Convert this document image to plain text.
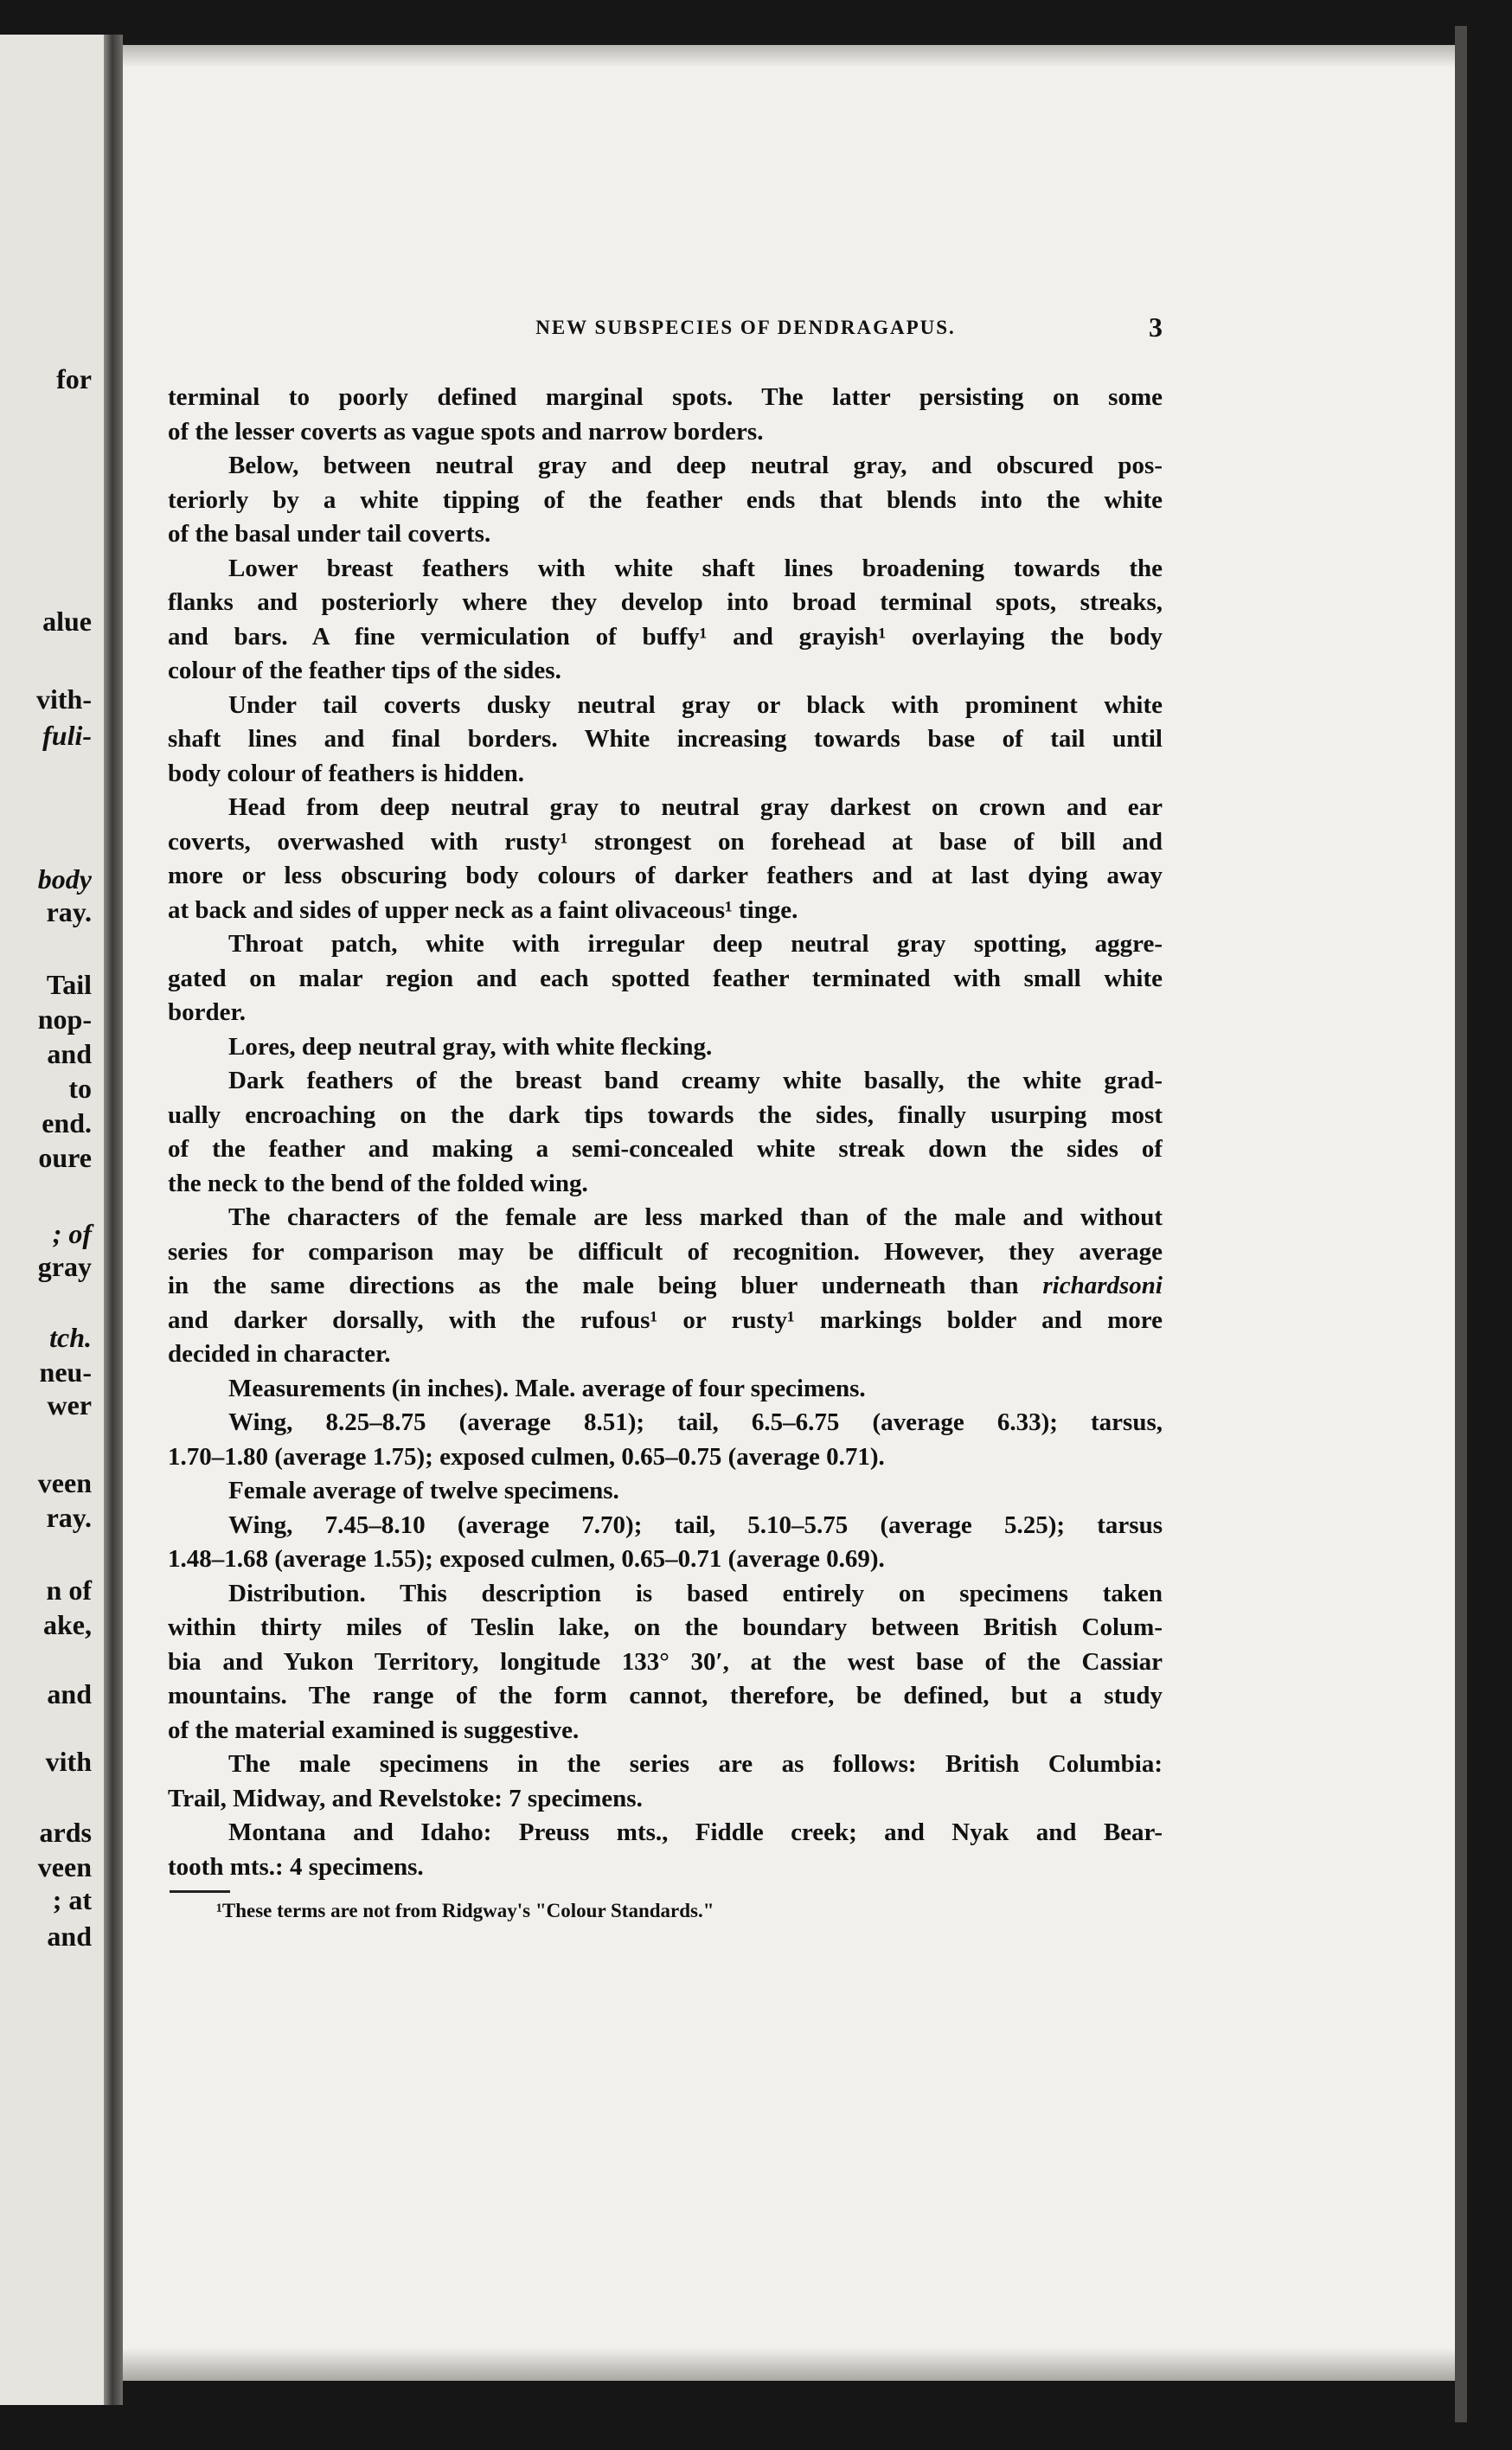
for
alue
vith-
fuli-
body
ray.
Tail
nop-
and
to
end.
oure
; of
gray
tch.
neu-
wer
veen
ray.
n of
ake,
and
vith
ards
veen
; at
and
NEW SUBSPECIES OF DENDRAGAPUS.	3
terminal to poorly defined marginal spots. The latter persisting on some
of the lesser coverts as vague spots and narrow borders.
Below, between neutral gray and deep neutral gray, and obscured pos-
teriorly by a white tipping of the feather ends that blends into the white
of the basal under tail coverts.
Lower breast feathers with white shaft lines broadening towards the
flanks and posteriorly where they develop into broad terminal spots, streaks,
and bars. A fine vermiculation of buffy¹ and grayish¹ overlaying the body
colour of the feather tips of the sides.
Under tail coverts dusky neutral gray or black with prominent white
shaft lines and final borders. White increasing towards base of tail until
body colour of feathers is hidden.
Head from deep neutral gray to neutral gray darkest on crown and ear
coverts, overwashed with rusty¹ strongest on forehead at base of bill and
more or less obscuring body colours of darker feathers and at last dying away
at back and sides of upper neck as a faint olivaceous¹ tinge.
Throat patch, white with irregular deep neutral gray spotting, aggre-
gated on malar region and each spotted feather terminated with small white
border.
Lores, deep neutral gray, with white flecking.
Dark feathers of the breast band creamy white basally, the white grad-
ually encroaching on the dark tips towards the sides, finally usurping most
of the feather and making a semi-concealed white streak down the sides of
the neck to the bend of the folded wing.
The characters of the female are less marked than of the male and without
series for comparison may be difficult of recognition. However, they average
in the same directions as the male being bluer underneath than richardsoni
and darker dorsally, with the rufous¹ or rusty¹ markings bolder and more
decided in character.
Measurements (in inches). Male. average of four specimens.
Wing, 8.25–8.75 (average 8.51); tail, 6.5–6.75 (average 6.33); tarsus,
1.70–1.80 (average 1.75); exposed culmen, 0.65–0.75 (average 0.71).
Female average of twelve specimens.
Wing, 7.45–8.10 (average 7.70); tail, 5.10–5.75 (average 5.25); tarsus
1.48–1.68 (average 1.55); exposed culmen, 0.65–0.71 (average 0.69).
Distribution. This description is based entirely on specimens taken
within thirty miles of Teslin lake, on the boundary between British Colum-
bia and Yukon Territory, longitude 133° 30′, at the west base of the Cassiar
mountains. The range of the form cannot, therefore, be defined, but a study
of the material examined is suggestive.
The male specimens in the series are as follows: British Columbia:
Trail, Midway, and Revelstoke: 7 specimens.
Montana and Idaho: Preuss mts., Fiddle creek; and Nyak and Bear-
tooth mts.: 4 specimens.
¹These terms are not from Ridgway's "Colour Standards."
